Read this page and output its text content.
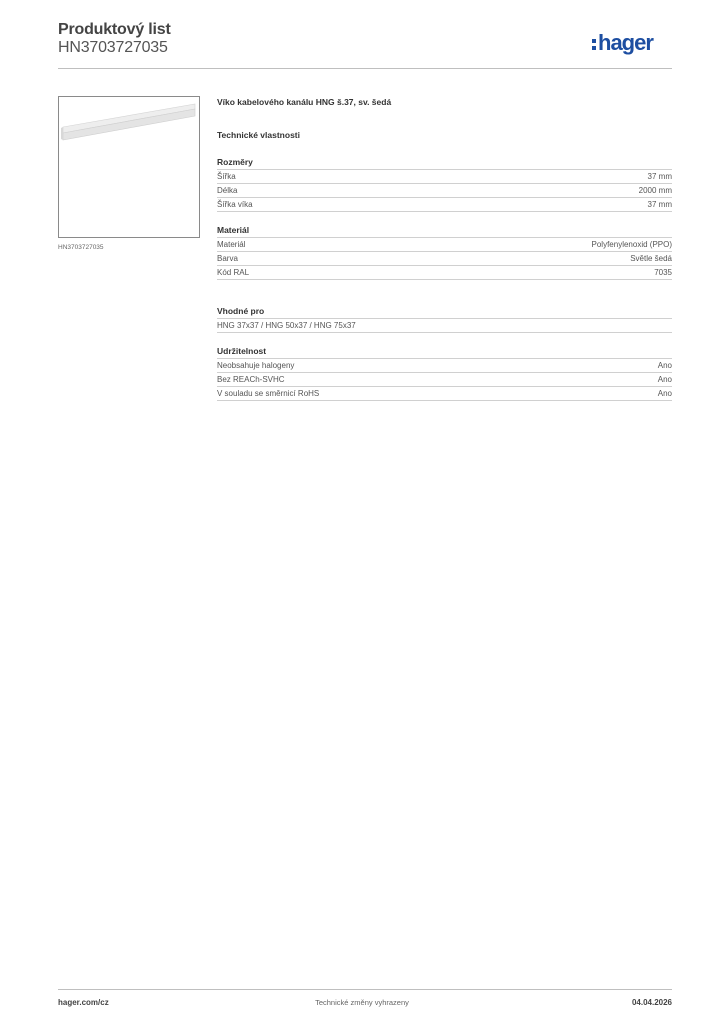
Produktový list
HN3703727035	hager
HN3703727035
Víko kabelového kanálu HNG š.37, sv. šedá
Technické vlastnosti
Rozměry
Šířka	37 mm
Délka	2000 mm
Šířka víka	37 mm
Materiál
Materiál	Polyfenylenoxid (PPO)
Barva	Světle šedá
Kód RAL	7035
Vhodné pro
HNG 37x37 / HNG 50x37 / HNG 75x37
Udržitelnost
Neobsahuje halogeny	Ano
Bez REACh-SVHC	Ano
V souladu se směrnicí RoHS	Ano
hager.com/cz	Technické změny vyhrazeny	04.04.2026
